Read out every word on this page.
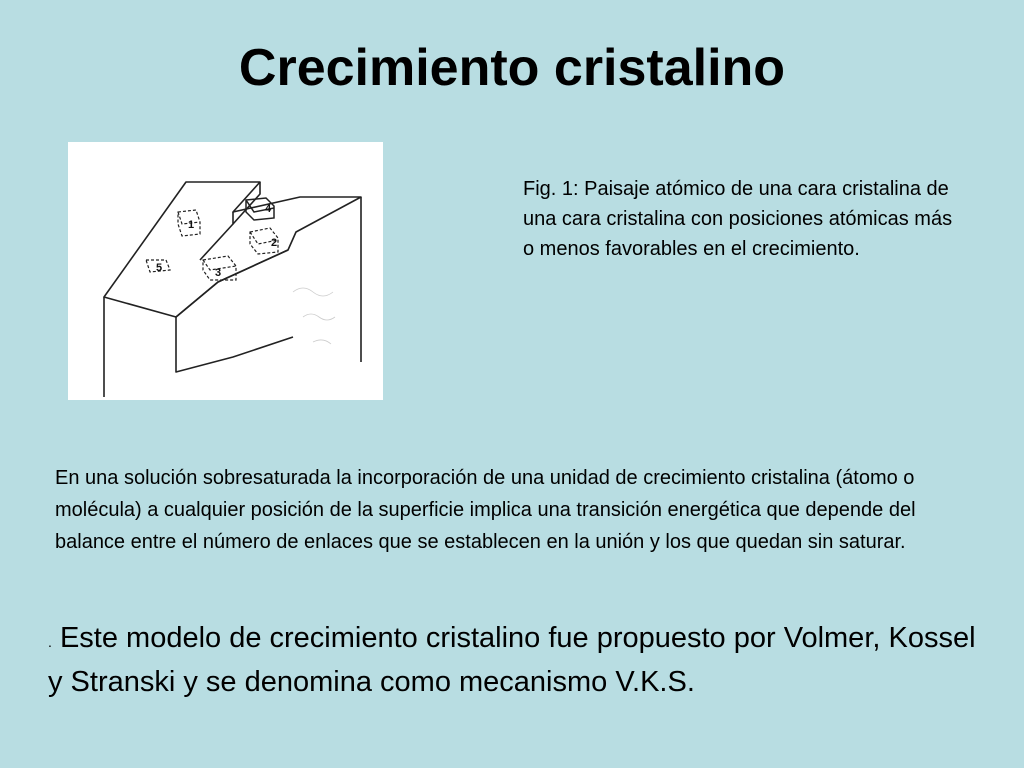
Crecimiento cristalino
1
2
3
4
5
Fig. 1: Paisaje atómico de una cara cristalina de una cara cristalina con posiciones atómicas más o menos favorables en el crecimiento.
En una solución sobresaturada la incorporación de una unidad de crecimiento cristalina (átomo o molécula) a cualquier posición de la superficie implica una transición energética que depende del balance entre el número de enlaces que se establecen en la unión y los que quedan sin saturar.
. Este modelo de crecimiento cristalino fue propuesto por Volmer, Kossel y Stranski y se denomina como mecanismo V.K.S.
